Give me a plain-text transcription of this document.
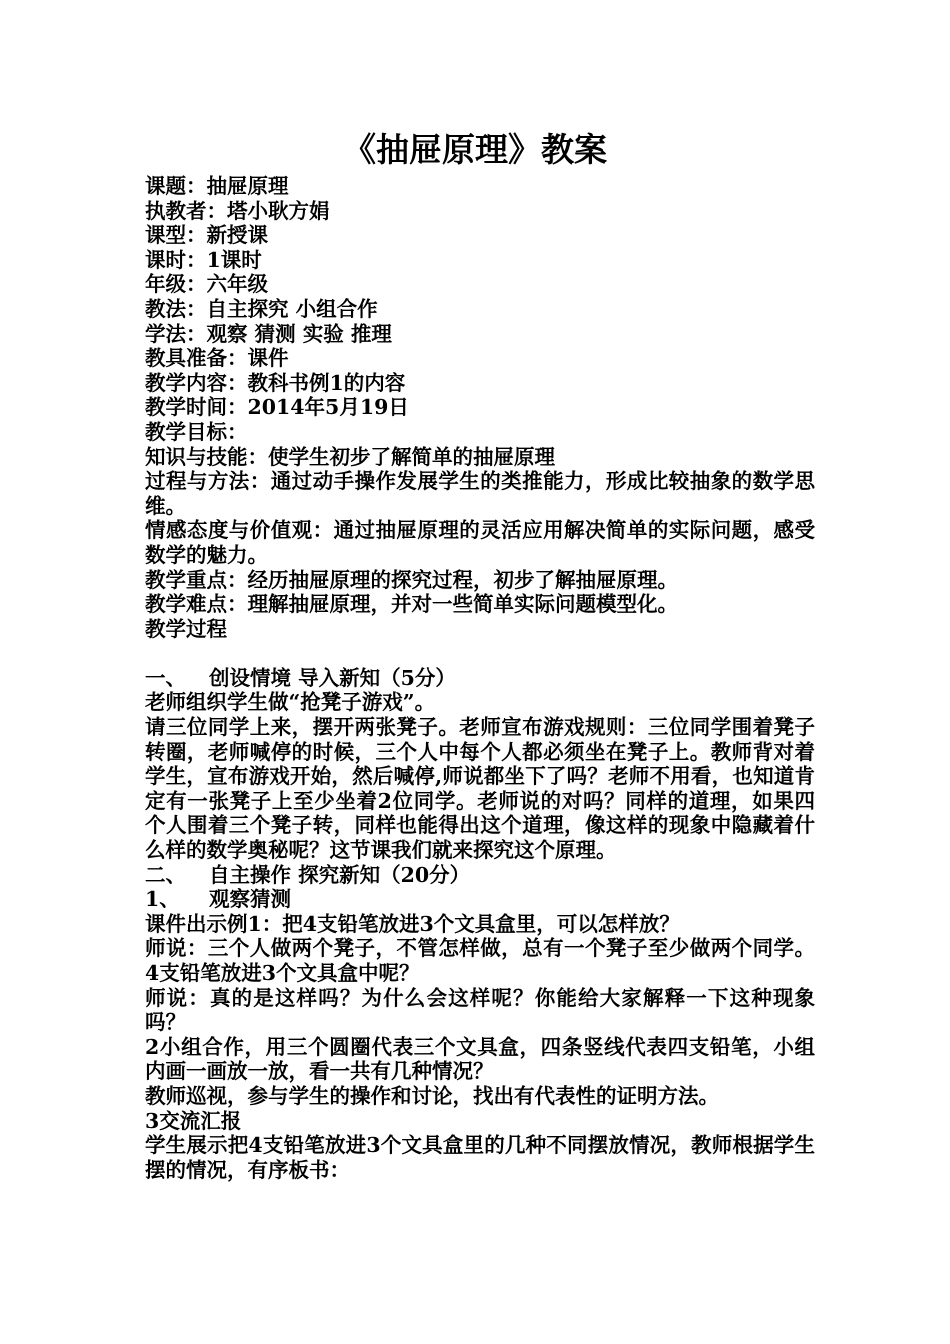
《抽屉原理》教案
课题：抽屉原理
执教者：塔小耿方娟
课型：新授课
课时：1课时
年级：六年级
教法：自主探究 小组合作
学法：观察 猜测 实验 推理
教具准备：课件
教学内容：教科书例1的内容
教学时间：2014年5月19日
教学目标：
知识与技能：使学生初步了解简单的抽屉原理
过程与方法：通过动手操作发展学生的类推能力，形成比较抽象的数学思维。
情感态度与价值观：通过抽屉原理的灵活应用解决简单的实际问题，感受数学的魅力。
教学重点：经历抽屉原理的探究过程，初步了解抽屉原理。
教学难点：理解抽屉原理，并对一些简单实际问题模型化。
教学过程
一、 创设情境 导入新知（5分）
老师组织学生做“抢凳子游戏”。
请三位同学上来，摆开两张凳子。老师宣布游戏规则：三位同学围着凳子转圈，老师喊停的时候，三个人中每个人都必须坐在凳子上。教师背对着学生，宣布游戏开始，然后喊停,师说都坐下了吗？老师不用看，也知道肯定有一张凳子上至少坐着2位同学。老师说的对吗？同样的道理，如果四个人围着三个凳子转，同样也能得出这个道理，像这样的现象中隐藏着什么样的数学奥秘呢？这节课我们就来探究这个原理。
二、 自主操作 探究新知（20分）
1、 观察猜测
课件出示例1：把4支铅笔放进3个文具盒里，可以怎样放？
师说：三个人做两个凳子，不管怎样做，总有一个凳子至少做两个同学。4支铅笔放进3个文具盒中呢？
师说：真的是这样吗？为什么会这样呢？你能给大家解释一下这种现象吗？
2小组合作，用三个圆圈代表三个文具盒，四条竖线代表四支铅笔，小组内画一画放一放，看一共有几种情况？
教师巡视，参与学生的操作和讨论，找出有代表性的证明方法。
3交流汇报
学生展示把4支铅笔放进3个文具盒里的几种不同摆放情况，教师根据学生摆的情况，有序板书：
